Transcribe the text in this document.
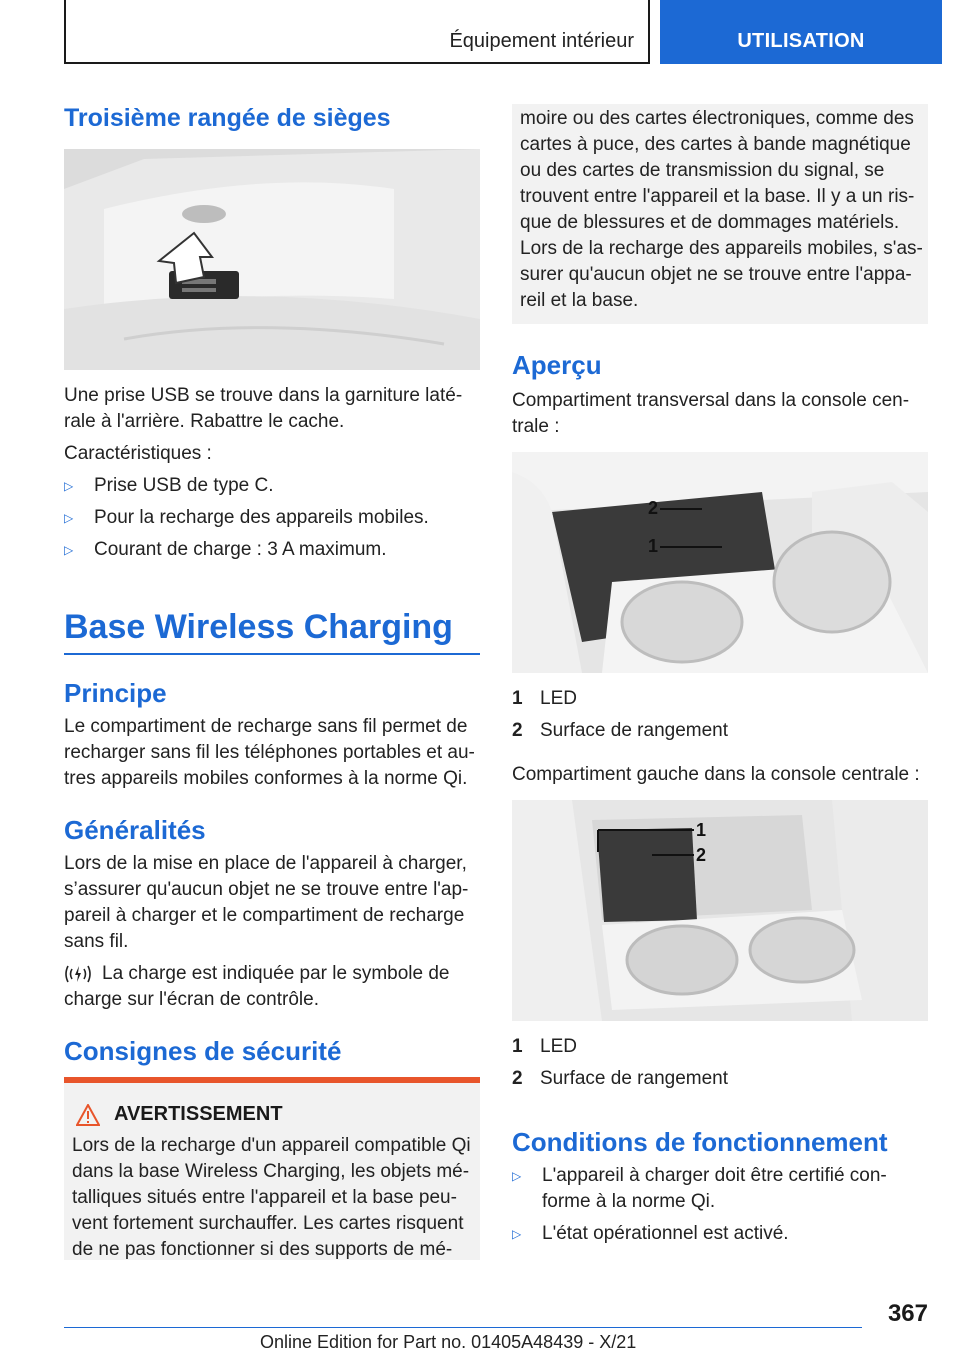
Équipement intérieur	UTILISATION
Troisième rangée de sièges
Une prise USB se trouve dans la garniture laté-
rale à l'arrière. Rabattre le cache.
Caractéristiques :
▷	Prise USB de type C.
▷	Pour la recharge des appareils mobiles.
▷	Courant de charge : 3 A maximum.
Base Wireless Charging
Principe
Le compartiment de recharge sans fil permet de
recharger sans fil les téléphones portables et au-
tres appareils mobiles conformes à la norme Qi.
Généralités
Lors de la mise en place de l'appareil à charger,
s’assurer qu'aucun objet ne se trouve entre l'ap-
pareil à charger et le compartiment de recharge
sans fil.
La charge est indiquée par le symbole de
charge sur l'écran de contrôle.
Consignes de sécurité
AVERTISSEMENT
Lors de la recharge d'un appareil compatible Qi
dans la base Wireless Charging, les objets mé-
talliques situés entre l'appareil et la base peu-
vent fortement surchauffer. Les cartes risquent
de ne pas fonctionner si des supports de mé-
moire ou des cartes électroniques, comme des
cartes à puce, des cartes à bande magnétique
ou des cartes de transmission du signal, se
trouvent entre l'appareil et la base. Il y a un ris-
que de blessures et de dommages matériels.
Lors de la recharge des appareils mobiles, s'as-
surer qu'aucun objet ne se trouve entre l'appa-
reil et la base.
Aperçu
Compartiment transversal dans la console cen-
trale :
2
1
1 LED
2 Surface de rangement
Compartiment gauche dans la console centrale :
1
2
1 LED
2 Surface de rangement
Conditions de fonctionnement
▷	L'appareil à charger doit être certifié con-
forme à la norme Qi.
▷	L'état opérationnel est activé.
367
Online Edition for Part no. 01405A48439 - X/21
